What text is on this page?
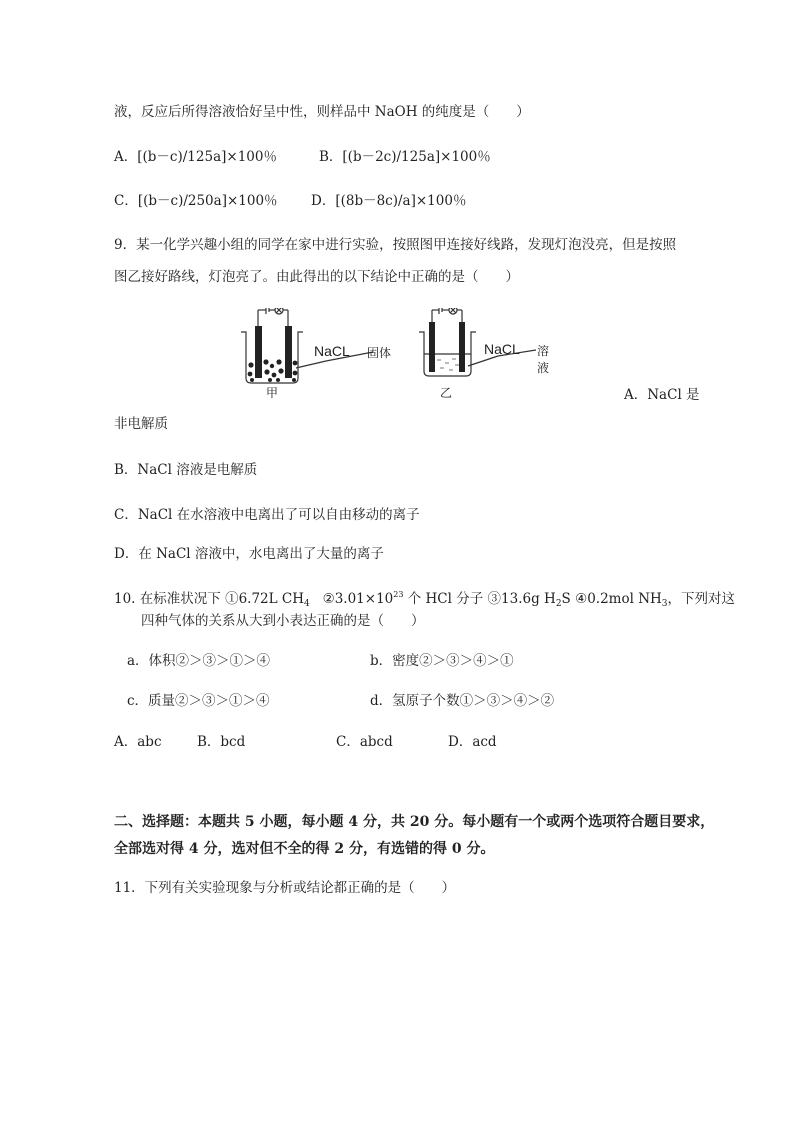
液，反应后所得溶液恰好呈中性，则样品中 NaOH 的纯度是（　　）
A．[(b－c)/125a]×100％	B．[(b－2c)/125a]×100％
C．[(b－c)/250a]×100％ D．[(8b－8c)/a]×100％
9．某一化学兴趣小组的同学在家中进行实验，按照图甲连接好线路，发现灯泡没亮，但是按照
图乙接好路线，灯泡亮了。由此得出的以下结论中正确的是（　　）
NaCL 固体
甲
NaCL 溶液
乙	A．NaCl 是
非电解质
B．NaCl 溶液是电解质
C．NaCl 在水溶液中电离出了可以自由移动的离子
D．在 NaCl 溶液中，水电离出了大量的离子
10. 在标准状况下 ①6.72L $CH_4$ $②3.01\times 10^{23}$ 个 HCl 分子 ③13.6g $H_2S$ ④0.2mol $NH_3$，下列对这
四种气体的关系从大到小表达正确的是（　　）
a．体积②＞③＞①＞④	b．密度②＞③＞④＞①
c．质量②＞③＞①＞④	d．氢原子个数①＞③＞④＞②
A．abc	B．bcd	C．abcd	D．acd
二、选择题：本题共 5 小题，每小题 4 分，共 20 分。每小题有一个或两个选项符合题目要求，
全部选对得 4 分，选对但不全的得 2 分，有选错的得 0 分。
11．下列有关实验现象与分析或结论都正确的是（　　）
